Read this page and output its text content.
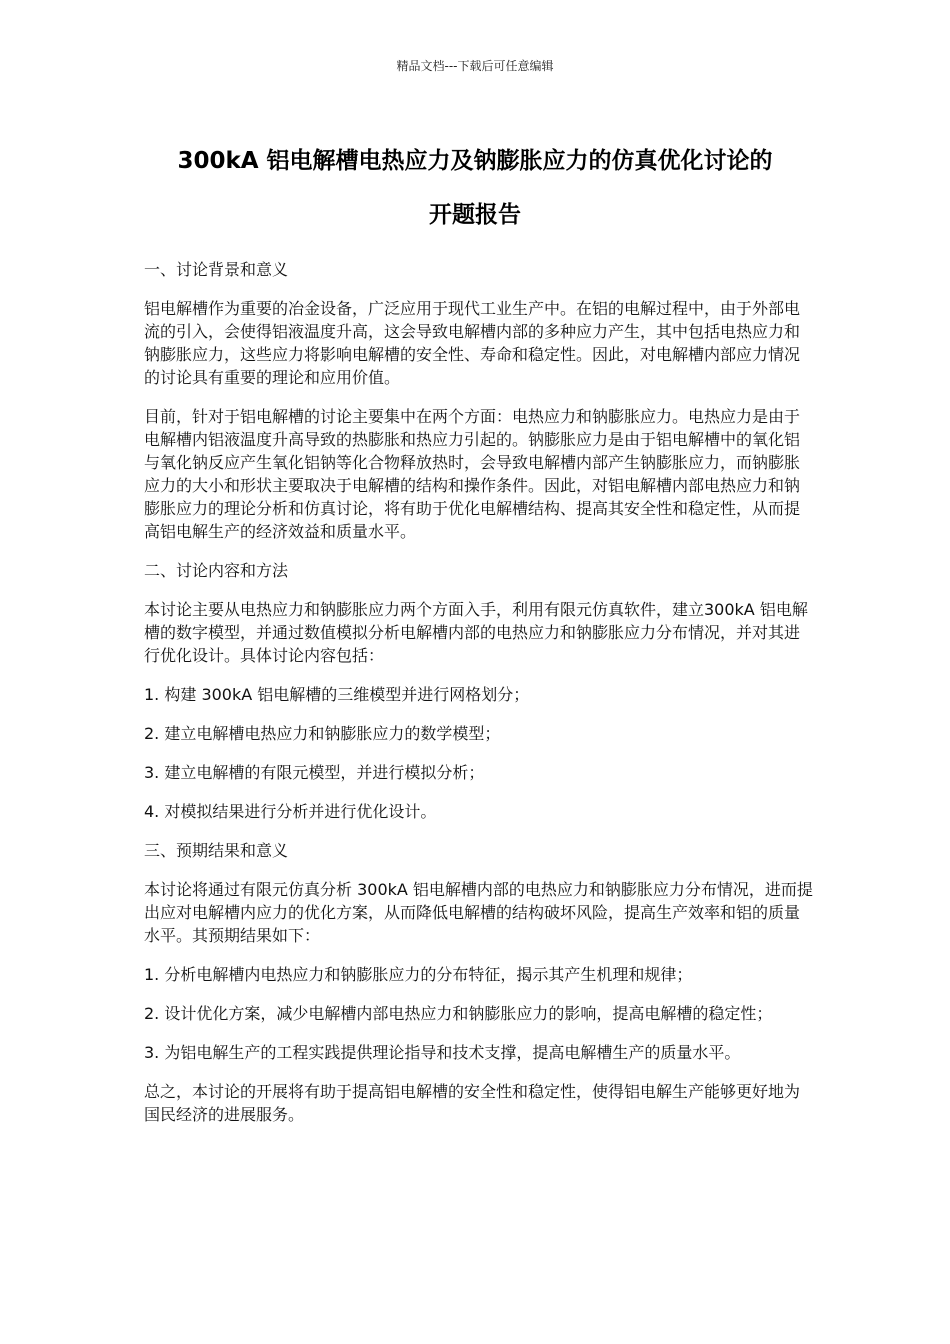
精品文档---下载后可任意编辑
300kA 铝电解槽电热应力及钠膨胀应力的仿真优化讨论的
开题报告

一、讨论背景和意义

铝电解槽作为重要的冶金设备，广泛应用于现代工业生产中。在铝的电解过程中，由于外部电流的引入，会使得铝液温度升高，这会导致电解槽内部的多种应力产生，其中包括电热应力和钠膨胀应力，这些应力将影响电解槽的安全性、寿命和稳定性。因此，对电解槽内部应力情况的讨论具有重要的理论和应用价值。

目前，针对于铝电解槽的讨论主要集中在两个方面：电热应力和钠膨胀应力。电热应力是由于电解槽内铝液温度升高导致的热膨胀和热应力引起的。钠膨胀应力是由于铝电解槽中的氧化铝与氧化钠反应产生氧化铝钠等化合物释放热时，会导致电解槽内部产生钠膨胀应力，而钠膨胀应力的大小和形状主要取决于电解槽的结构和操作条件。因此，对铝电解槽内部电热应力和钠膨胀应力的理论分析和仿真讨论，将有助于优化电解槽结构、提高其安全性和稳定性，从而提高铝电解生产的经济效益和质量水平。

二、讨论内容和方法

本讨论主要从电热应力和钠膨胀应力两个方面入手，利用有限元仿真软件，建立300kA 铝电解槽的数字模型，并通过数值模拟分析电解槽内部的电热应力和钠膨胀应力分布情况，并对其进行优化设计。具体讨论内容包括：

1. 构建 300kA 铝电解槽的三维模型并进行网格划分；

2. 建立电解槽电热应力和钠膨胀应力的数学模型；

3. 建立电解槽的有限元模型，并进行模拟分析；

4. 对模拟结果进行分析并进行优化设计。

三、预期结果和意义

本讨论将通过有限元仿真分析 300kA 铝电解槽内部的电热应力和钠膨胀应力分布情况，进而提出应对电解槽内应力的优化方案，从而降低电解槽的结构破坏风险，提高生产效率和铝的质量水平。其预期结果如下：

1. 分析电解槽内电热应力和钠膨胀应力的分布特征，揭示其产生机理和规律；

2. 设计优化方案，减少电解槽内部电热应力和钠膨胀应力的影响，提高电解槽的稳定性；

3. 为铝电解生产的工程实践提供理论指导和技术支撑，提高电解槽生产的质量水平。

总之，本讨论的开展将有助于提高铝电解槽的安全性和稳定性，使得铝电解生产能够更好地为国民经济的进展服务。
